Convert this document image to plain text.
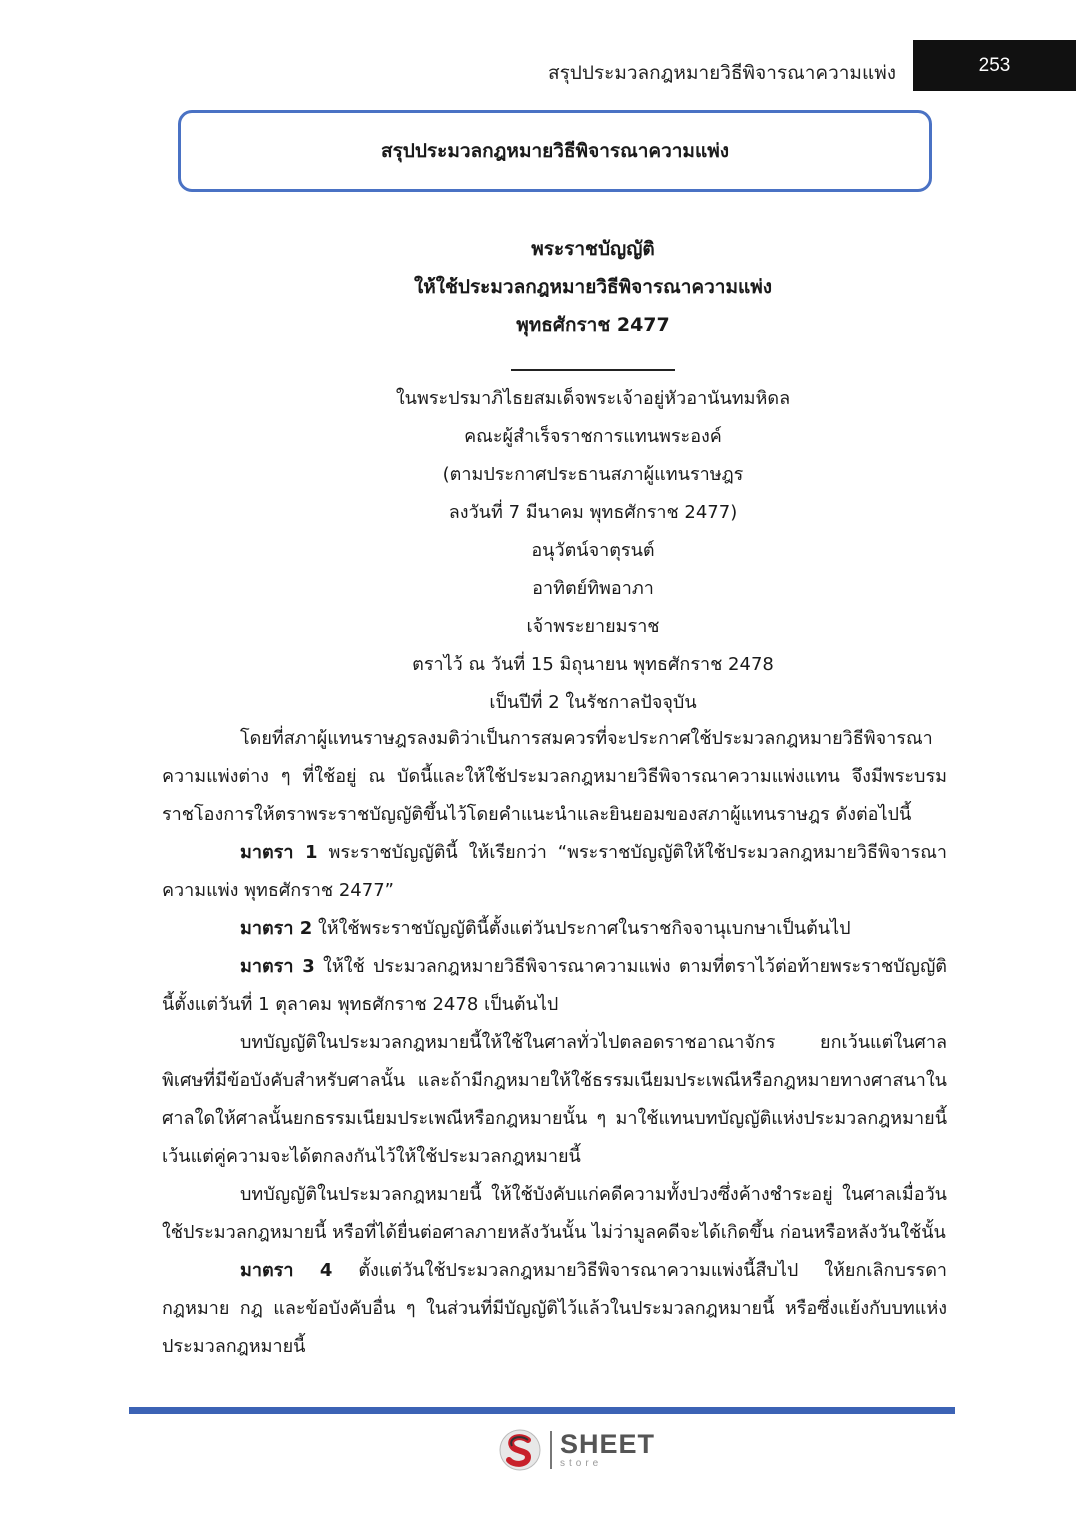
สรุปประมวลกฎหมายวิธีพิจารณาความแพ่ง	253
สรุปประมวลกฎหมายวิธีพิจารณาความแพ่ง
พระราชบัญญัติ
ให้ใช้ประมวลกฎหมายวิธีพิจารณาความแพ่ง
พุทธศักราช 2477
ในพระปรมาภิไธยสมเด็จพระเจ้าอยู่หัวอานันทมหิดล
คณะผู้สำเร็จราชการแทนพระองค์
(ตามประกาศประธานสภาผู้แทนราษฎร
ลงวันที่ 7 มีนาคม พุทธศักราช 2477)
อนุวัตน์จาตุรนต์
อาทิตย์ทิพอาภา
เจ้าพระยายมราช
ตราไว้ ณ วันที่ 15 มิถุนายน พุทธศักราช 2478
เป็นปีที่ 2 ในรัชกาลปัจจุบัน

โดยที่สภาผู้แทนราษฎรลงมติว่าเป็นการสมควรที่จะประกาศใช้ประมวลกฎหมายวิธีพิจารณาความแพ่งต่าง ๆ ที่ใช้อยู่ ณ บัดนี้และให้ใช้ประมวลกฎหมายวิธีพิจารณาความแพ่งแทน จึงมีพระบรมราชโองการให้ตราพระราชบัญญัติขึ้นไว้โดยคำแนะนำและยินยอมของสภาผู้แทนราษฎร ดังต่อไปนี้

มาตรา 1 พระราชบัญญัตินี้ ให้เรียกว่า “พระราชบัญญัติให้ใช้ประมวลกฎหมายวิธีพิจารณาความแพ่ง พุทธศักราช 2477”

มาตรา 2 ให้ใช้พระราชบัญญัตินี้ตั้งแต่วันประกาศในราชกิจจานุเบกษาเป็นต้นไป

มาตรา 3 ให้ใช้ ประมวลกฎหมายวิธีพิจารณาความแพ่ง ตามที่ตราไว้ต่อท้ายพระราชบัญญัตินี้ตั้งแต่วันที่ 1 ตุลาคม พุทธศักราช 2478 เป็นต้นไป

บทบัญญัติในประมวลกฎหมายนี้ให้ใช้ในศาลทั่วไปตลอดราชอาณาจักร ยกเว้นแต่ในศาลพิเศษที่มีข้อบังคับสำหรับศาลนั้น และถ้ามีกฎหมายให้ใช้ธรรมเนียมประเพณีหรือกฎหมายทางศาสนาในศาลใดให้ศาลนั้นยกธรรมเนียมประเพณีหรือกฎหมายนั้น ๆ มาใช้แทนบทบัญญัติแห่งประมวลกฎหมายนี้ เว้นแต่คู่ความจะได้ตกลงกันไว้ให้ใช้ประมวลกฎหมายนี้

บทบัญญัติในประมวลกฎหมายนี้ ให้ใช้บังคับแก่คดีความทั้งปวงซึ่งค้างชำระอยู่ ในศาลเมื่อวันใช้ประมวลกฎหมายนี้ หรือที่ได้ยื่นต่อศาลภายหลังวันนั้น ไม่ว่ามูลคดีจะได้เกิดขึ้น ก่อนหรือหลังวันใช้นั้น

มาตรา 4 ตั้งแต่วันใช้ประมวลกฎหมายวิธีพิจารณาความแพ่งนี้สืบไป ให้ยกเลิกบรรดากฎหมาย กฎ และข้อบังคับอื่น ๆ ในส่วนที่มีบัญญัติไว้แล้วในประมวลกฎหมายนี้ หรือซึ่งแย้งกับบทแห่งประมวลกฎหมายนี้

SHEET
store
